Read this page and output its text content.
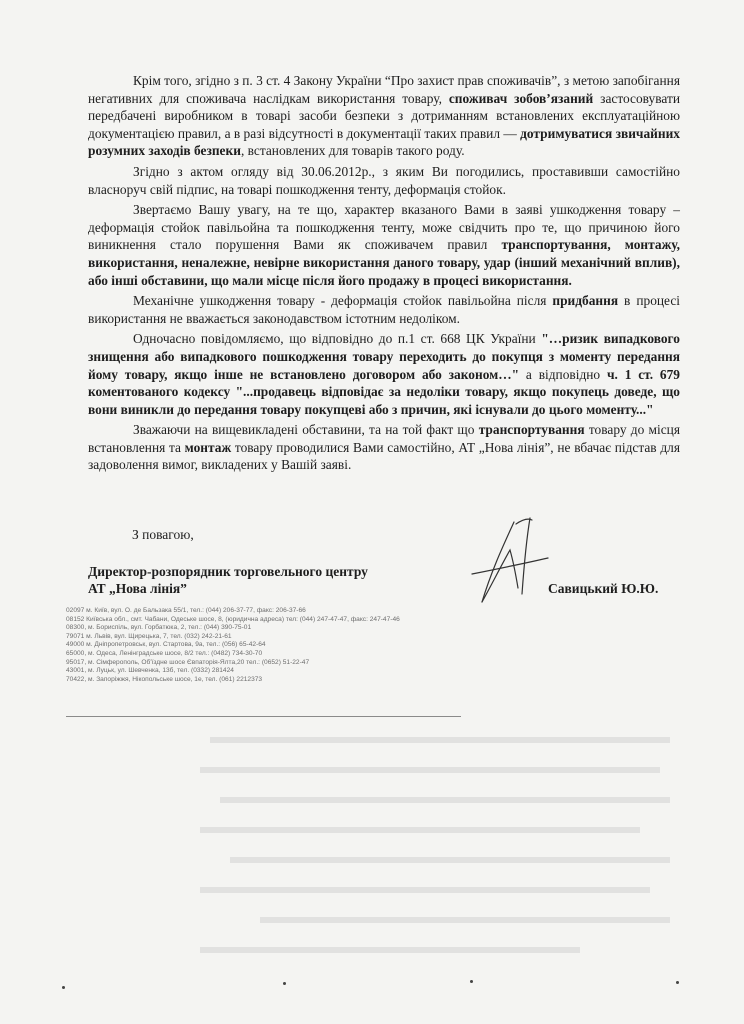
Крім того, згідно з п. 3 ст. 4 Закону України “Про захист прав споживачів”, з метою запобігання негативних для споживача наслідкам використання товару, споживач зобов’язаний застосовувати передбачені виробником в товарі засоби безпеки з дотриманням встановлених експлуатаційною документацією правил, а в разі відсутності в документації таких правил — дотримуватися звичайних розумних заходів безпеки, встановлених для товарів такого роду.

Згідно з актом огляду від 30.06.2012р., з яким Ви погодились, проставивши самостійно власноруч свій підпис, на товарі пошкодження тенту, деформація стойок.

Звертаємо Вашу увагу, на те що, характер вказаного Вами в заяві ушкодження товару – деформація стойок павільойна та пошкодження тенту, може свідчить про те, що причиною його виникнення стало порушення Вами як споживачем правил транспортування, монтажу, використання, неналежне, невірне використання даного товару, удар (інший механічний вплив), або інші обставини, що мали місце після його продажу в процесі використання.

Механічне ушкодження товару - деформація стойок павільойна після придбання в процесі використання не вважається законодавством істотним недоліком.

Одночасно повідомляємо, що відповідно до п.1 ст. 668 ЦК України "…ризик випадкового знищення або випадкового пошкодження товару переходить до покупця з моменту передання йому товару, якщо інше не встановлено договором або законом…" а відповідно ч. 1 ст. 679 коментованого кодексу "...продавець відповідає за недоліки товару, якщо покупець доведе, що вони виникли до передання товару покупцеві або з причин, які існували до цього моменту..."

Зважаючи на вищевикладені обставини, та на той факт що транспортування товару до місця встановлення та монтаж товару проводилися Вами самостійно, АТ „Нова лінія”, не вбачає підстав для задоволення вимог, викладених у Вашій заяві.

З повагою,
Директор-розпорядник торговельного центру
АТ „Нова лінія”	Савицький Ю.Ю.
02097 м. Київ, вул. О. де Бальзака 55/1, тел.: (044) 206-37-77, факс: 206-37-66
08152 Київська обл., смт. Чабани, Одеське шосе, 8, (юридична адреса) тел: (044) 247-47-47, факс: 247-47-46
08300, м. Бориспіль, вул. Горбатюка, 2, тел.: (044) 390-75-01
79071 м. Львів, вул. Щирецька, 7, тел. (032) 242-21-61
49000 м. Дніпропетровськ, вул. Стартова, 9а, тел.: (056) 65-42-64
65000, м. Одеса, Ленінградське шосе, 8/2 тел.: (0482) 734-30-70
95017, м. Сімферополь, Об'їздне шосе Євпаторія-Ялта,20 тел.: (0652) 51-22-47
43001, м. Луцьк, ул. Шевченка, 13б, тел. (0332) 281424
70422, м. Запоріжжя, Нікопольське шосе, 1е, тел. (061) 2212373
